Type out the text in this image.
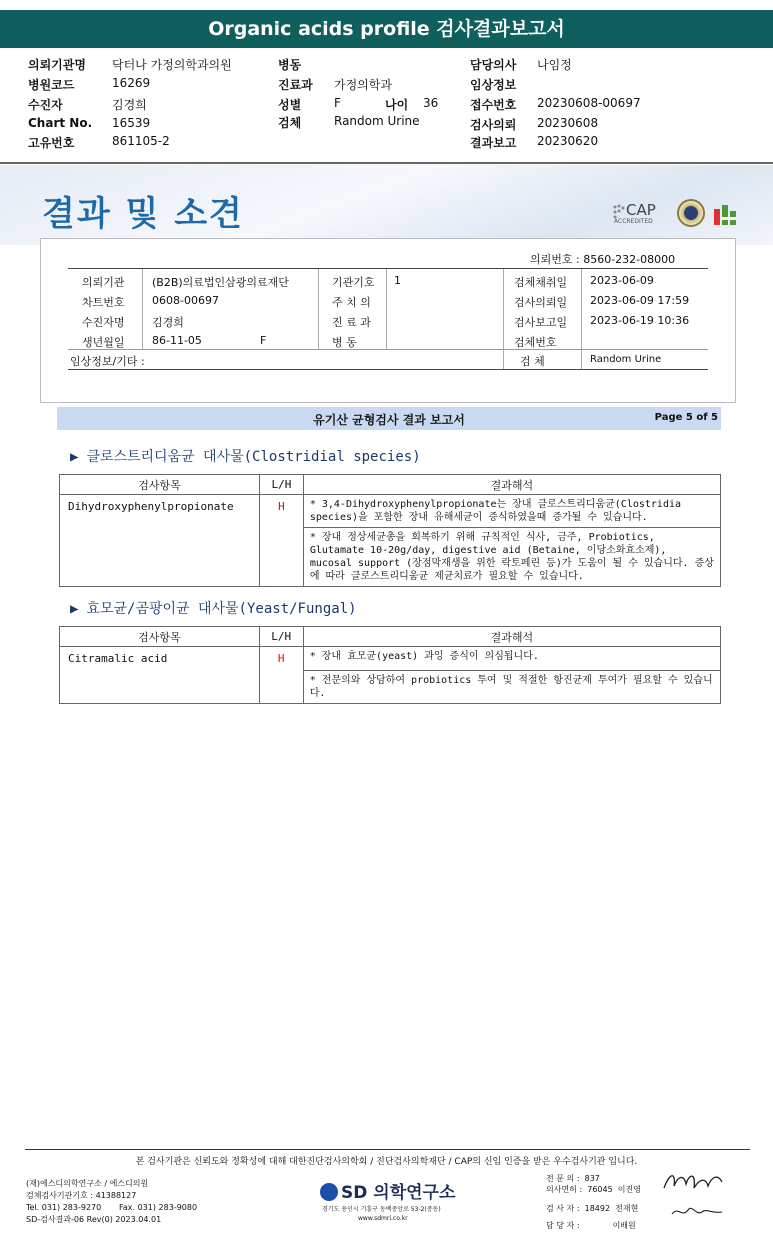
Organic acids profile 검사결과보고서
의뢰기관명 닥터나 가정의학과의원
병원코드	16269
수진자	김경희
Chart No. 16539
고유번호	861105-2
병동
진료과 가정의학과
성별	F	나이 36
검체	Random Urine
담당의사 나임정
임상정보
접수번호 20230608-00697
검사의뢰 20230608
결과보고 20230620
결과 및 소견	CAP
ACCREDITED
의뢰번호 : 8560-232-08000
의뢰기관 (B2B)의료법인삼광의료재단	기관기호 1	검체채취일 2023-06-09
차트번호 0608-00697	주 치 의	검사의뢰일 2023-06-09 17:59
수진자명 김경희	진 료 과	검사보고일 2023-06-19 10:36
생년월일 86-11-05	F	병 동	검체번호
임상정보/기타 :	검 체	Random Urine
유기산 균형검사 결과 보고서	Page 5 of 5
▶ 클로스트리디움균 대사물(Clostridial species)
검사항목	L/H	결과해석
Dihydroxyphenylpropionate	H	* 3,4-Dihydroxyphenylpropionate는 장내 클로스트리디움균(Clostridia species)을 포함한 장내 유해세균이 증식하였을때 증가될 수 있습니다.
		* 장내 정상세균총을 회복하기 위해 규칙적인 식사, 금주, Probiotics, Glutamate 10-20g/day, digestive aid (Betaine, 이당소화효소제), mucosal support (장점막재생을 위한 락토페린 등)가 도움이 될 수 있습니다. 증상에 따라 클로스트리디움균 제균치료가 필요할 수 있습니다.
▶ 효모균/곰팡이균 대사물(Yeast/Fungal)
검사항목	L/H	결과해석
Citramalic acid	H	* 장내 효모균(yeast) 과잉 증식이 의심됩니다.
		* 전문의와 상담하여 probiotics 투여 및 적절한 항진균제 투여가 필요할 수 있습니다.
본 검사기관은 신뢰도와 정확성에 대해 대한진단검사의학회 / 진단검사의학재단 / CAP의 신임 인증을 받은 우수검사기관 입니다.
(재)에스디의학연구소 / 에스디의원
검체검사기관기호 : 41388127
Tel. 031) 283-9270 Fax. 031) 283-9080
SD-검사결과-06 Rev(0) 2023.04.01
SD 의학연구소
경기도 용인시 기흥구 동백중앙로 53-2(중동)
www.sdmri.co.kr
전 문 의 : 837
의사면허 : 76045 이진영
검 사 자 : 18492 전재현
담 당 자 :	이배원
